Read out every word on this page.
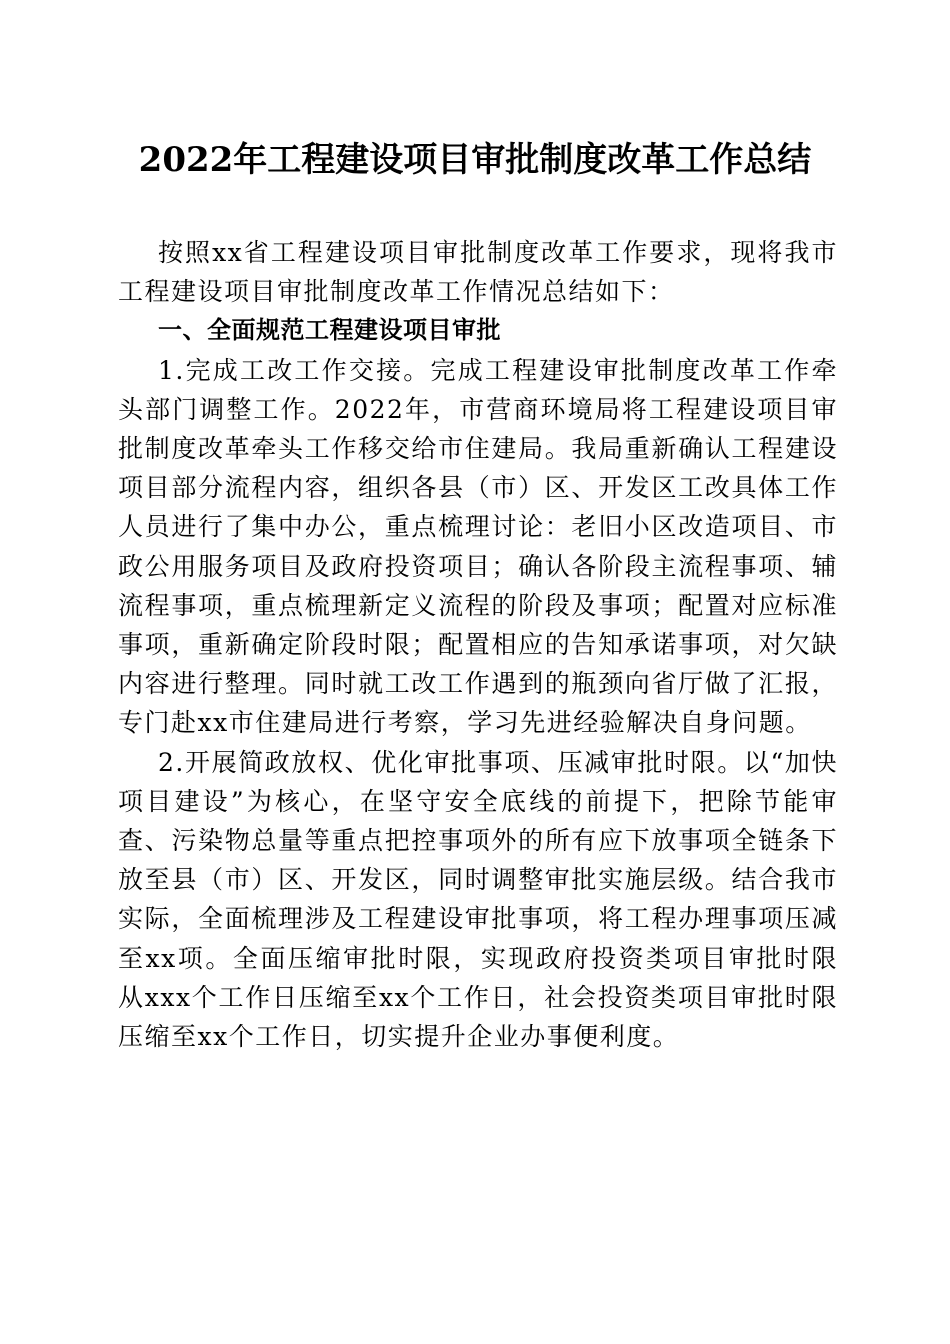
2022年工程建设项目审批制度改革工作总结

按照xx省工程建设项目审批制度改革工作要求，现将我市工程建设项目审批制度改革工作情况总结如下：

一、全面规范工程建设项目审批

1.完成工改工作交接。完成工程建设审批制度改革工作牵头部门调整工作。2022年，市营商环境局将工程建设项目审批制度改革牵头工作移交给市住建局。我局重新确认工程建设项目部分流程内容，组织各县（市）区、开发区工改具体工作人员进行了集中办公，重点梳理讨论：老旧小区改造项目、市政公用服务项目及政府投资项目；确认各阶段主流程事项、辅流程事项，重点梳理新定义流程的阶段及事项；配置对应标准事项，重新确定阶段时限；配置相应的告知承诺事项，对欠缺内容进行整理。同时就工改工作遇到的瓶颈向省厅做了汇报，专门赴xx市住建局进行考察，学习先进经验解决自身问题。

2.开展简政放权、优化审批事项、压减审批时限。以“加快项目建设”为核心，在坚守安全底线的前提下，把除节能审查、污染物总量等重点把控事项外的所有应下放事项全链条下放至县（市）区、开发区，同时调整审批实施层级。结合我市实际，全面梳理涉及工程建设审批事项，将工程办理事项压减至xx项。全面压缩审批时限，实现政府投资类项目审批时限从xxx个工作日压缩至xx个工作日，社会投资类项目审批时限压缩至xx个工作日，切实提升企业办事便利度。
